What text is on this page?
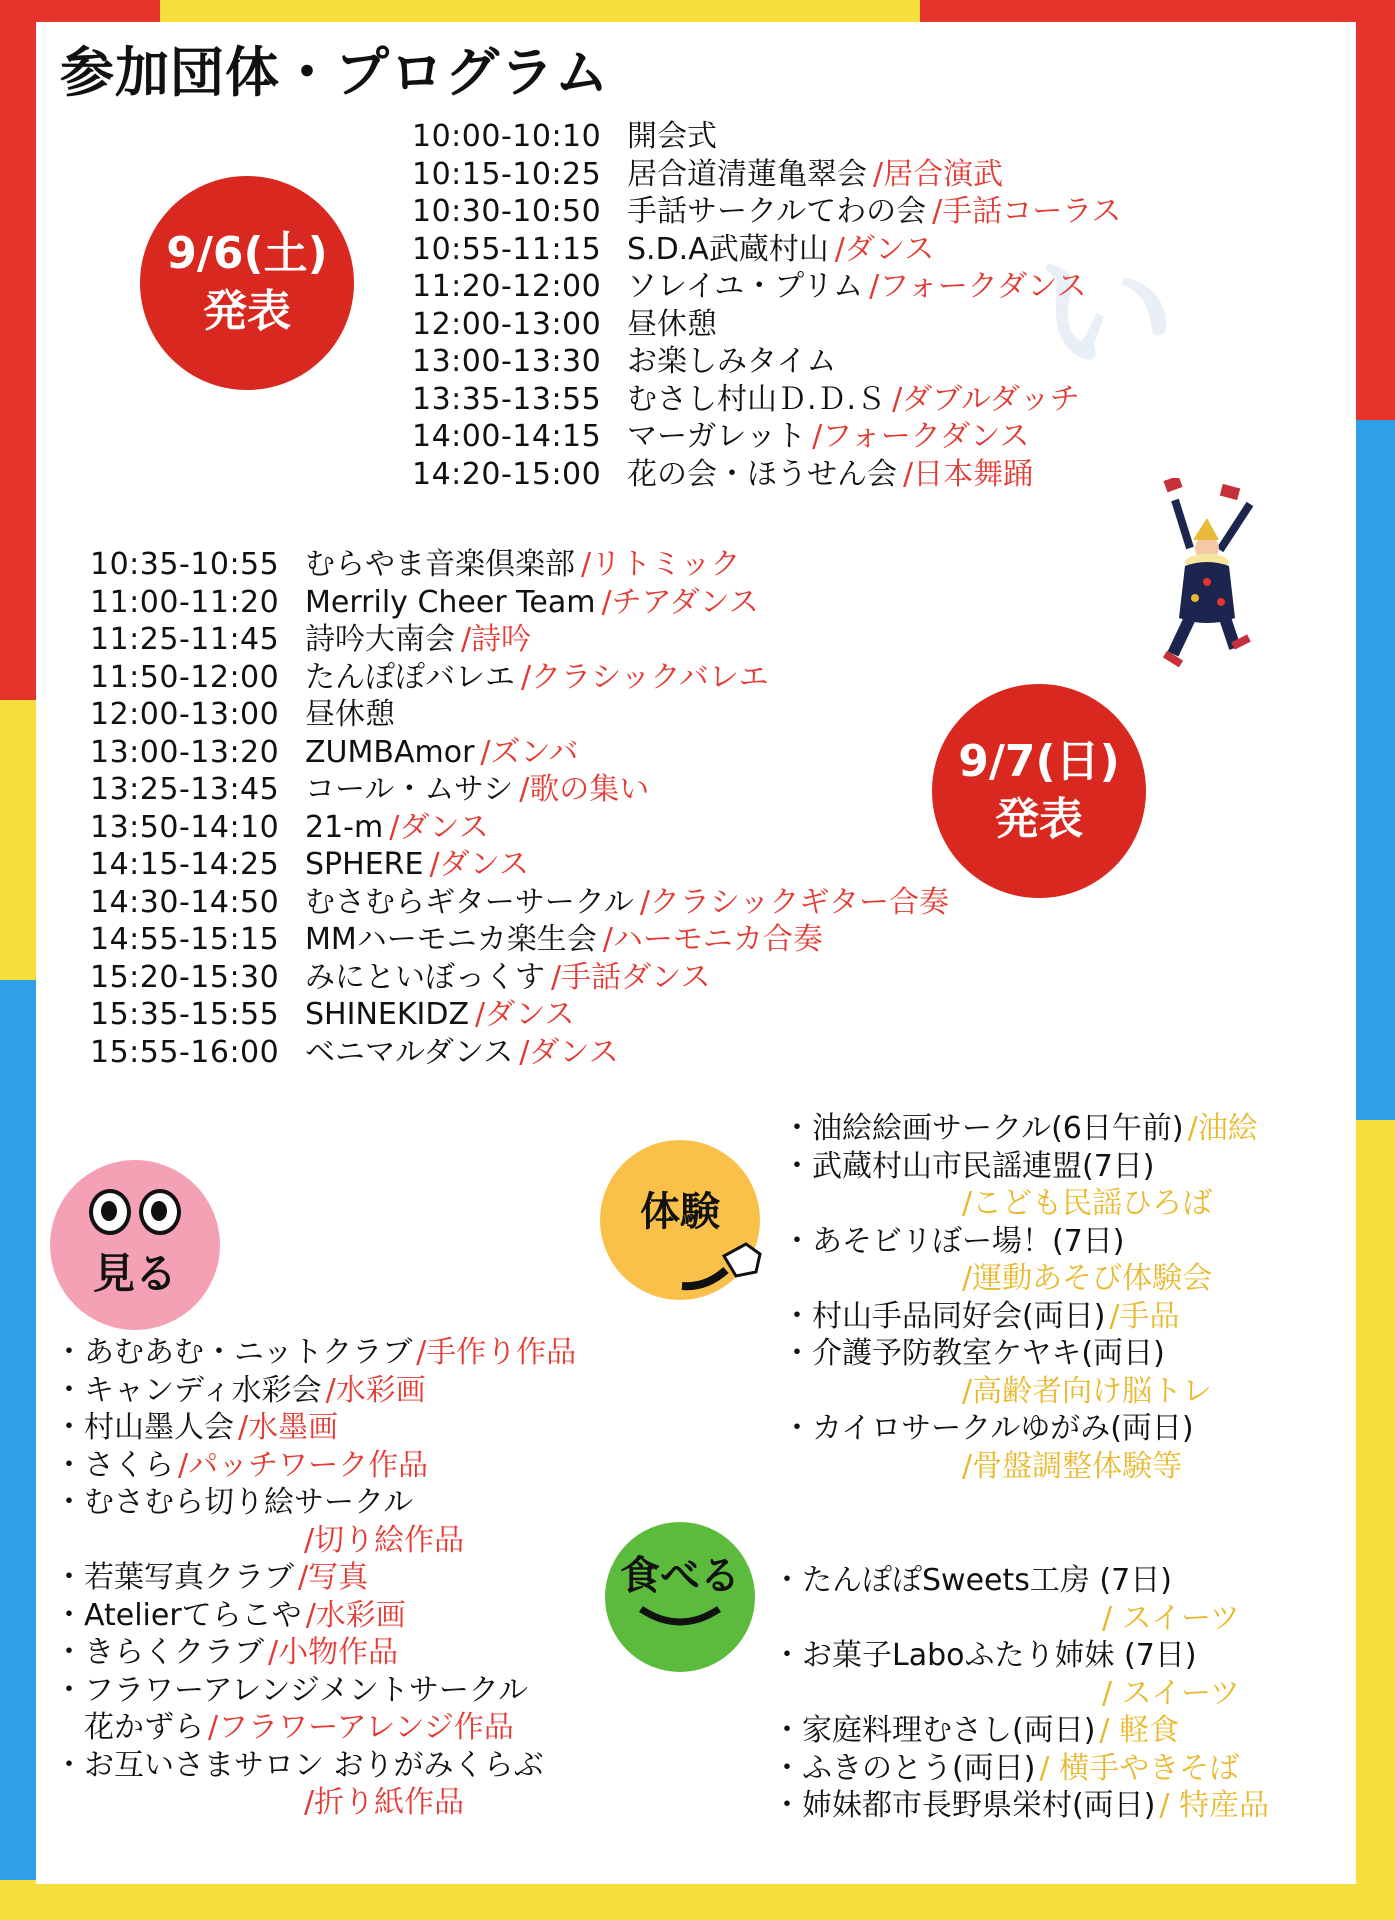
い
参加団体・プログラム
9/6(土)
発表
10:00-10:10 開会式
10:15-10:25 居合道清蓮亀翠会 /居合演武
10:30-10:50 手話サークルてわの会 /手話コーラス
10:55-11:15 S.D.A武蔵村山 /ダンス
11:20-12:00 ソレイユ・プリム /フォークダンス
12:00-13:00 昼休憩
13:00-13:30 お楽しみタイム
13:35-13:55 むさし村山Ｄ.Ｄ.Ｓ /ダブルダッチ
14:00-14:15 マーガレット /フォークダンス
14:20-15:00 花の会・ほうせん会 /日本舞踊
10:35-10:55 むらやま音楽倶楽部 /リトミック
11:00-11:20 Merrily Cheer Team /チアダンス
11:25-11:45 詩吟大南会 /詩吟
11:50-12:00 たんぽぽバレエ /クラシックバレエ
12:00-13:00 昼休憩
13:00-13:20 ZUMBAmor /ズンバ
13:25-13:45 コール・ムサシ /歌の集い
13:50-14:10 21-m /ダンス
14:15-14:25 SPHERE /ダンス
14:30-14:50 むさむらギターサークル /クラシックギター合奏
14:55-15:15 MMハーモニカ楽生会 /ハーモニカ合奏
15:20-15:30 みにといぼっくす /手話ダンス
15:35-15:55 SHINEKIDZ /ダンス
15:55-16:00 ベニマルダンス /ダンス
9/7(日)
発表
見る
・あむあむ・ニットクラブ /手作り作品
・キャンディ水彩会 /水彩画
・村山墨人会 /水墨画
・さくら /パッチワーク作品
・むさむら切り絵サークル
/切り絵作品
・若葉写真クラブ /写真
・Atelierてらこや /水彩画
・きらくクラブ /小物作品
・フラワーアレンジメントサークル
　花かずら /フラワーアレンジ作品
・お互いさまサロン おりがみくらぶ
/折り紙作品
体験
・油絵絵画サークル(6日午前) /油絵
・武蔵村山市民謡連盟(7日)
/こども民謡ひろば
・あそビリぼー場！(7日)
/運動あそび体験会
・村山手品同好会(両日) /手品
・介護予防教室ケヤキ(両日)
/高齢者向け脳トレ
・カイロサークルゆがみ(両日)
/骨盤調整体験等
食べる ・たんぽぽSweets工房 (7日)
/ スイーツ
・お菓子Laboふたり姉妹 (7日)
/ スイーツ
・家庭料理むさし(両日) / 軽食
・ふきのとう(両日) / 横手やきそば
・姉妹都市長野県栄村(両日) / 特産品
